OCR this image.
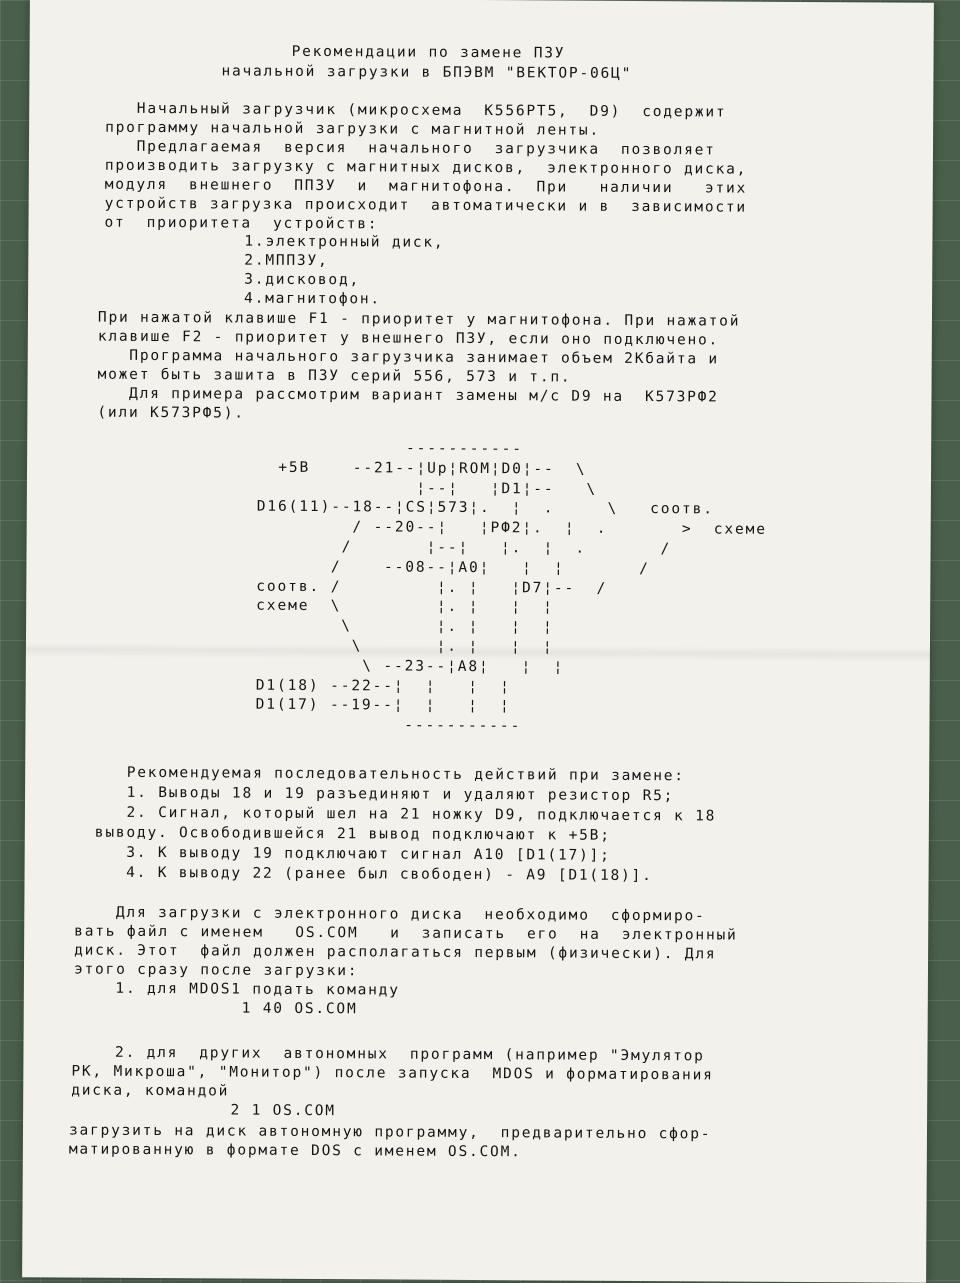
Рекомендации по замене ПЗУ
начальной загрузки в БПЭВМ "ВЕКТОР-06Ц"
Начальный загрузчик (микросхема  К556РТ5,  D9)  содержит
программу начальной загрузки с магнитной ленты.
Предлагаемая  версия  начального  загрузчика  позволяет
производить загрузку с магнитных дисков,  электронного диска,
модуля  внешнего  ППЗУ  и  магнитофона.  При   наличии   этих
устройств загрузка происходит  автоматически и в  зависимости
от  приоритета  устройств:
1.электронный диск,
2.МППЗУ,
3.дисковод,
4.магнитофон.
При нажатой клавише F1 - приоритет у магнитофона. При нажатой
клавише F2 - приоритет у внешнего ПЗУ, если оно подключено.
Программа начального загрузчика занимает объем 2Кбайта и
может быть зашита в ПЗУ серий 556, 573 и т.п.
Для примера рассмотрим вариант замены м/с D9 на  К573РФ2
(или К573РФ5).
-----------
+5В    --21--¦Up¦ROM¦D0¦--  \
¦--¦   ¦D1¦--   \
D16(11)--18--¦CS¦573¦.  ¦  .     \   соотв.
/ --20--¦   ¦РФ2¦.  ¦  .       >  схеме
/       ¦--¦   ¦.  ¦  .       /
/    --08--¦A0¦   ¦  ¦       /
соотв. /         ¦. ¦   ¦D7¦--  /
схеме  \         ¦. ¦   ¦  ¦
\        ¦. ¦   ¦  ¦
\       ¦. ¦   ¦  ¦
\ --23--¦A8¦   ¦  ¦
D1(18) --22--¦  ¦   ¦  ¦
D1(17) --19--¦  ¦   ¦  ¦
-----------
Рекомендуемая последовательность действий при замене:
1. Выводы 18 и 19 разъединяют и удаляют резистор R5;
2. Сигнал, который шел на 21 ножку D9, подключается к 18
выводу. Освободившейся 21 вывод подключают к +5В;
3. К выводу 19 подключают сигнал A10 [D1(17)];
4. К выводу 22 (ранее был свободен) - A9 [D1(18)].
Для загрузки с электронного диска  необходимо  сформиро-
вать файл с именем   OS.COM   и  записать  его  на  электронный
диск. Этот  файл должен располагаться первым (физически). Для
этого сразу после загрузки:
1. для MDOS1 подать команду
1 40 OS.COM
2. для  других  автономных  программ (например "Эмулятор
РК, Микроша", "Монитор") после запуска  MDOS и форматирования
диска, командой
2 1 OS.COM
загрузить на диск автономную программу,  предварительно сфор-
матированную в формате DOS с именем OS.COM.
